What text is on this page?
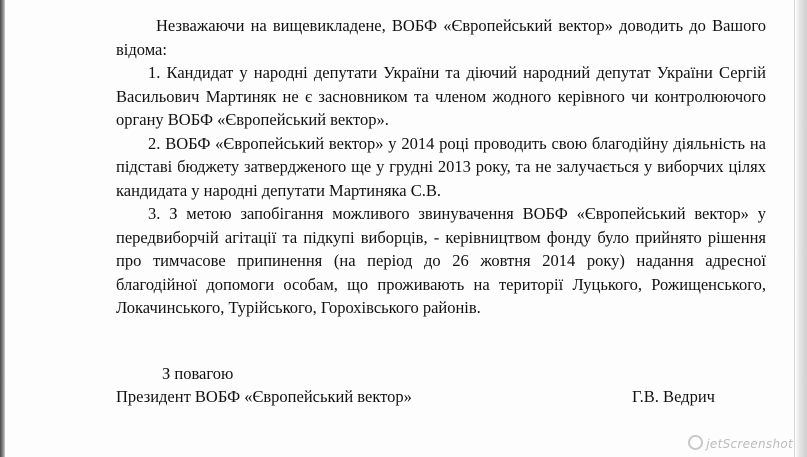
Незважаючи на вищевикладене, ВОБФ «Європейський вектор» доводить до Вашого відома:

1. Кандидат у народні депутати України та діючий народний депутат України Сергій Васильович Мартиняк не є засновником та членом жодного керівного чи контролюючого органу ВОБФ «Європейський вектор».

2. ВОБФ «Європейський вектор» у 2014 році проводить свою благодійну діяльність на підставі бюджету затвердженого ще у грудні 2013 року, та не залучається у виборчих цілях кандидата у народні депутати Мартиняка С.В.

3. З метою запобігання можливого звинувачення ВОБФ «Європейський вектор» у передвиборчій агітації та підкупі виборців, - керівництвом фонду було прийнято рішення про тимчасове припинення (на період до 26 жовтня 2014 року) надання адресної благодійної допомоги особам, що проживають на території Луцького, Рожищенського, Локачинського, Турійського, Горохівського районів.

З повагою
Президент ВОБФ «Європейський вектор»	Г.В. Ведрич
jetScreenshot
